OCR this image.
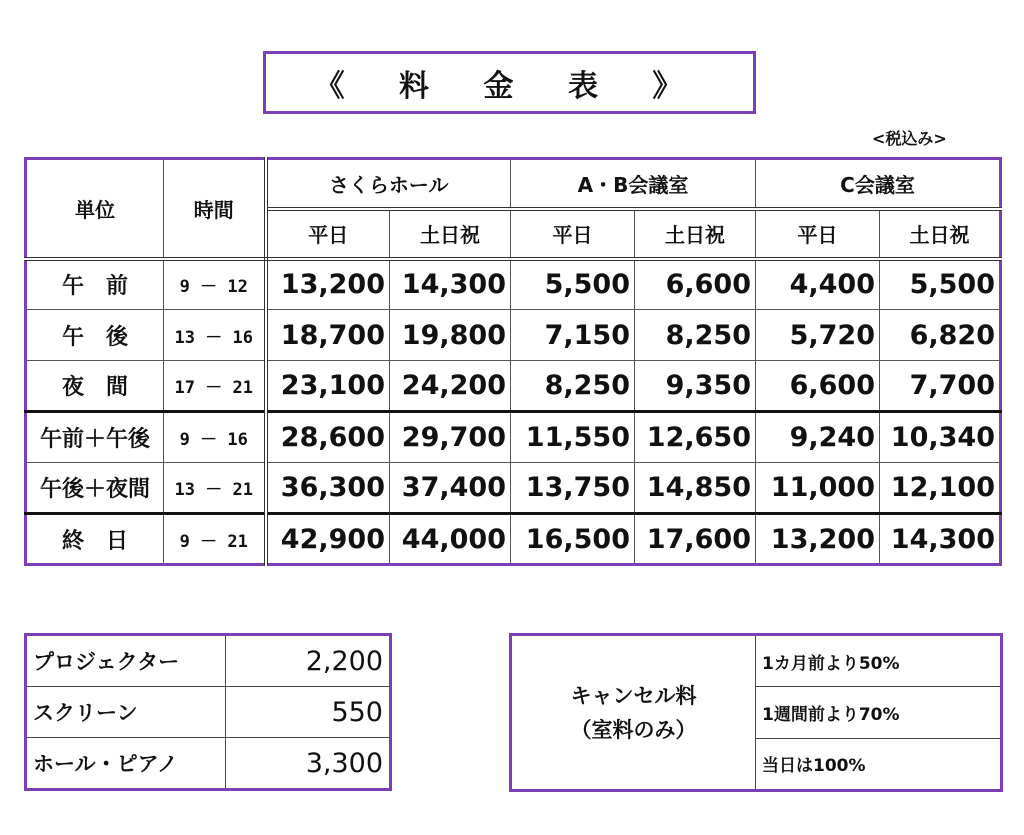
《 料 金 表 》
<税込み>
単位	時間	さくらホール		A・B会議室		C会議室	
		平日	土日祝	平日	土日祝	平日	土日祝
午　前	9 － 12	13,200	14,300	5,500	6,600	4,400	5,500
午　後	13 － 16	18,700	19,800	7,150	8,250	5,720	6,820
夜　間	17 － 21	23,100	24,200	8,250	9,350	6,600	7,700
午前＋午後	9 － 16	28,600	29,700	11,550	12,650	9,240	10,340
午後＋夜間	13 － 21	36,300	37,400	13,750	14,850	11,000	12,100
終　日	9 － 21	42,900	44,000	16,500	17,600	13,200	14,300
プロジェクター	2,200
スクリーン	550
ホール・ピアノ	3,300
キャンセル料
（室料のみ）
1カ月前より50%
1週間前より70%
当日は100%
